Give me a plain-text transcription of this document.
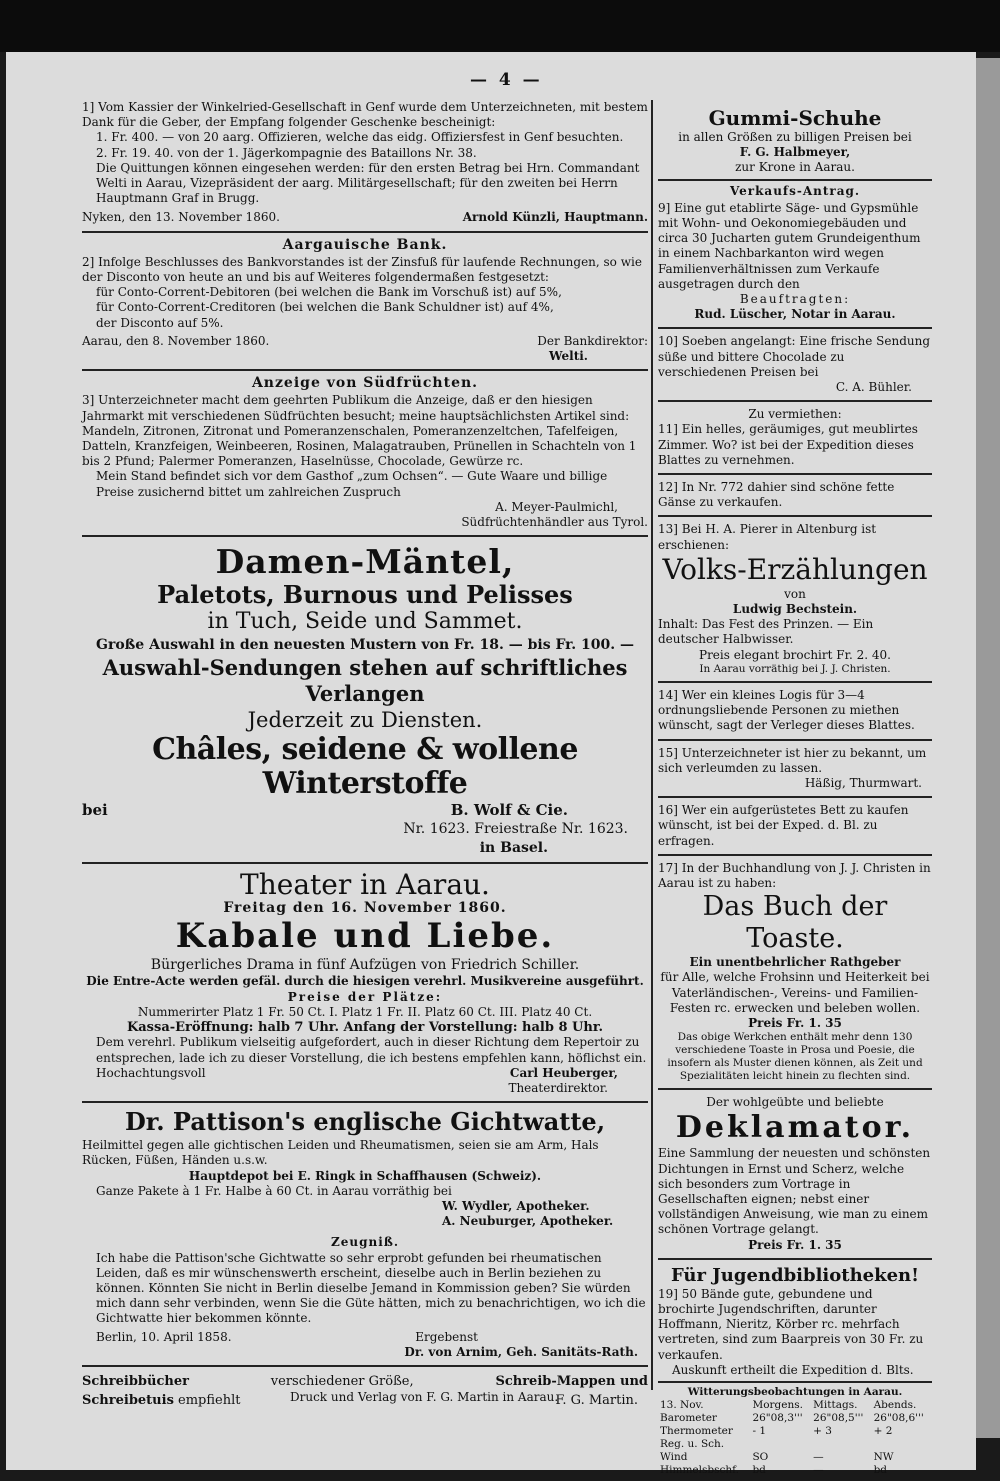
— 4 —

1] Vom Kassier der Winkelried-Gesellschaft in Genf wurde dem Unterzeichneten, mit bestem

Dank für die Geber, der Empfang folgender Geschenke bescheinigt:

1. Fr. 400. — von 20 aarg. Offizieren, welche das eidg. Offiziersfest in Genf besuchten.

2. Fr. 19. 40. von der 1. Jägerkompagnie des Bataillons Nr. 38.

Die Quittungen können eingesehen werden: für den ersten Betrag bei Hrn. Commandant Welti in Aarau, Vizepräsident der aarg. Militärgesellschaft; für den zweiten bei Herrn Hauptmann Graf in Brugg.

Nyken, den 13. November 1860.	Arnold Künzli, Hauptmann.
Aargauische Bank.

2] Infolge Beschlusses des Bankvorstandes ist der Zinsfuß für laufende Rechnungen, so wie der Disconto von heute an und bis auf Weiteres folgendermaßen festgesetzt:

für Conto-Corrent-Debitoren (bei welchen die Bank im Vorschuß ist) auf 5%,

für Conto-Corrent-Creditoren (bei welchen die Bank Schuldner ist) auf 4%,

der Disconto auf 5%.

Aarau, den 8. November 1860.	Der Bankdirektor:
Welti.
Anzeige von Südfrüchten.

3] Unterzeichneter macht dem geehrten Publikum die Anzeige, daß er den hiesigen Jahrmarkt mit verschiedenen Südfrüchten besucht; meine hauptsächlichsten Artikel sind: Mandeln, Zitronen, Zitronat und Pomeranzenschalen, Pomeranzenzeltchen, Tafelfeigen, Datteln, Kranzfeigen, Weinbeeren, Rosinen, Malagatrauben, Prünellen in Schachteln von 1 bis 2 Pfund; Palermer Pomeranzen, Haselnüsse, Chocolade, Gewürze rc.

Mein Stand befindet sich vor dem Gasthof „zum Ochsen“. — Gute Waare und billige Preise zusichernd bittet um zahlreichen Zuspruch

A. Meyer-Paulmichl,
Südfrüchtenhändler aus Tyrol.
Damen-Mäntel,
Paletots, Burnous und Pelisses
in Tuch, Seide und Sammet.
Große Auswahl in den neuesten Mustern von Fr. 18. — bis Fr. 100. —
Auswahl-Sendungen stehen auf schriftliches Verlangen
Jederzeit zu Diensten.
Châles, seidene & wollene Winterstoffe
bei	B. Wolf & Cie.
Nr. 1623. Freiestraße Nr. 1623.
in Basel.
Theater in Aarau.
Freitag den 16. November 1860.
Kabale und Liebe.
Bürgerliches Drama in fünf Aufzügen von Friedrich Schiller.
Die Entre-Acte werden gefäl. durch die hiesigen verehrl. Musikvereine ausgeführt.
Preise der Plätze:
Nummerirter Platz 1 Fr. 50 Ct. I. Platz 1 Fr. II. Platz 60 Ct. III. Platz 40 Ct.
Kassa-Eröffnung: halb 7 Uhr. Anfang der Vorstellung: halb 8 Uhr.

Dem verehrl. Publikum vielseitig aufgefordert, auch in dieser Richtung dem Repertoir zu entsprechen, lade ich zu dieser Vorstellung, die ich bestens empfehlen kann, höflichst ein.

Hochachtungsvoll	Carl Heuberger,
Theaterdirektor.
Dr. Pattison's englische Gichtwatte,

Heilmittel gegen alle gichtischen Leiden und Rheumatismen, seien sie am Arm, Hals Rücken, Füßen, Händen u.s.w.

Hauptdepot bei E. Ringk in Schaffhausen (Schweiz).
Ganze Pakete à 1 Fr. Halbe à 60 Ct. in Aarau vorräthig bei
W. Wydler, Apotheker.
A. Neuburger, Apotheker.
Zeugniß.

Ich habe die Pattison'sche Gichtwatte so sehr erprobt gefunden bei rheumatischen Leiden, daß es mir wünschenswerth erscheint, dieselbe auch in Berlin beziehen zu können. Könnten Sie nicht in Berlin dieselbe Jemand in Kommission geben? Sie würden mich dann sehr verbinden, wenn Sie die Güte hätten, mich zu benachrichtigen, wo ich die Gichtwatte hier bekommen könnte.

Berlin, 10. April 1858.	Ergebenst
Dr. von Arnim, Geh. Sanitäts-Rath.
Schreibbücher	verschiedener Größe,	Schreib-Mappen und
Schreibetuis empfiehlt	F. G. Martin.
Gummi-Schuhe
in allen Größen zu billigen Preisen bei
F. G. Halbmeyer,
zur Krone in Aarau.
Verkaufs-Antrag.

9] Eine gut etablirte Säge- und Gypsmühle mit Wohn- und Oekonomiegebäuden und circa 30 Jucharten gutem Grundeigenthum in einem Nachbarkanton wird wegen Familienverhältnissen zum Verkaufe ausgetragen durch den

Beauftragten:
Rud. Lüscher, Notar in Aarau.

10] Soeben angelangt: Eine frische Sendung süße und bittere Chocolade zu verschiedenen Preisen bei

C. A. Bühler.
Zu vermiethen:

11] Ein helles, geräumiges, gut meublirtes Zimmer. Wo? ist bei der Expedition dieses Blattes zu vernehmen.

12] In Nr. 772 dahier sind schöne fette Gänse zu verkaufen.

13] Bei H. A. Pierer in Altenburg ist erschienen:

Volks-Erzählungen
von
Ludwig Bechstein.

Inhalt: Das Fest des Prinzen. — Ein deutscher Halbwisser.

Preis elegant brochirt Fr. 2. 40.
In Aarau vorräthig bei J. J. Christen.

14] Wer ein kleines Logis für 3—4 ordnungsliebende Personen zu miethen wünscht, sagt der Verleger dieses Blattes.

15] Unterzeichneter ist hier zu bekannt, um sich verleumden zu lassen.

Häßig, Thurmwart.

16] Wer ein aufgerüstetes Bett zu kaufen wünscht, ist bei der Exped. d. Bl. zu erfragen.

17] In der Buchhandlung von J. J. Christen in Aarau ist zu haben:

Das Buch der Toaste.
Ein unentbehrlicher Rathgeber

für Alle, welche Frohsinn und Heiterkeit bei Vaterländischen-, Vereins- und Familien-Festen rc. erwecken und beleben wollen.

Preis Fr. 1. 35

Das obige Werkchen enthält mehr denn 130 verschiedene Toaste in Prosa und Poesie, die insofern als Muster dienen können, als Zeit und Spezialitäten leicht hinein zu flechten sind.

Der wohlgeübte und beliebte
Deklamator.

Eine Sammlung der neuesten und schönsten Dichtungen in Ernst und Scherz, welche sich besonders zum Vortrage in Gesellschaften eignen; nebst einer vollständigen Anweisung, wie man zu einem schönen Vortrage gelangt.

Preis Fr. 1. 35
Für Jugendbibliotheken!

19] 50 Bände gute, gebundene und brochirte Jugendschriften, darunter Hoffmann, Nieritz, Körber rc. mehrfach vertreten, sind zum Baarpreis von 30 Fr. zu verkaufen.

Auskunft ertheilt die Expedition d. Blts.

Witterungsbeobachtungen in Aarau.
13. Nov.	Morgens.	Mittags.	Abends.
Barometer	26"08,3'''	26"08,5'''	26"08,6'''
Thermometer	- 1	+ 3	+ 2
Reg. u. Sch.			
Wind	SO	—	NW
Himmelsbschf.	bd	—	bd
Druck und Verlag von F. G. Martin in Aarau.
